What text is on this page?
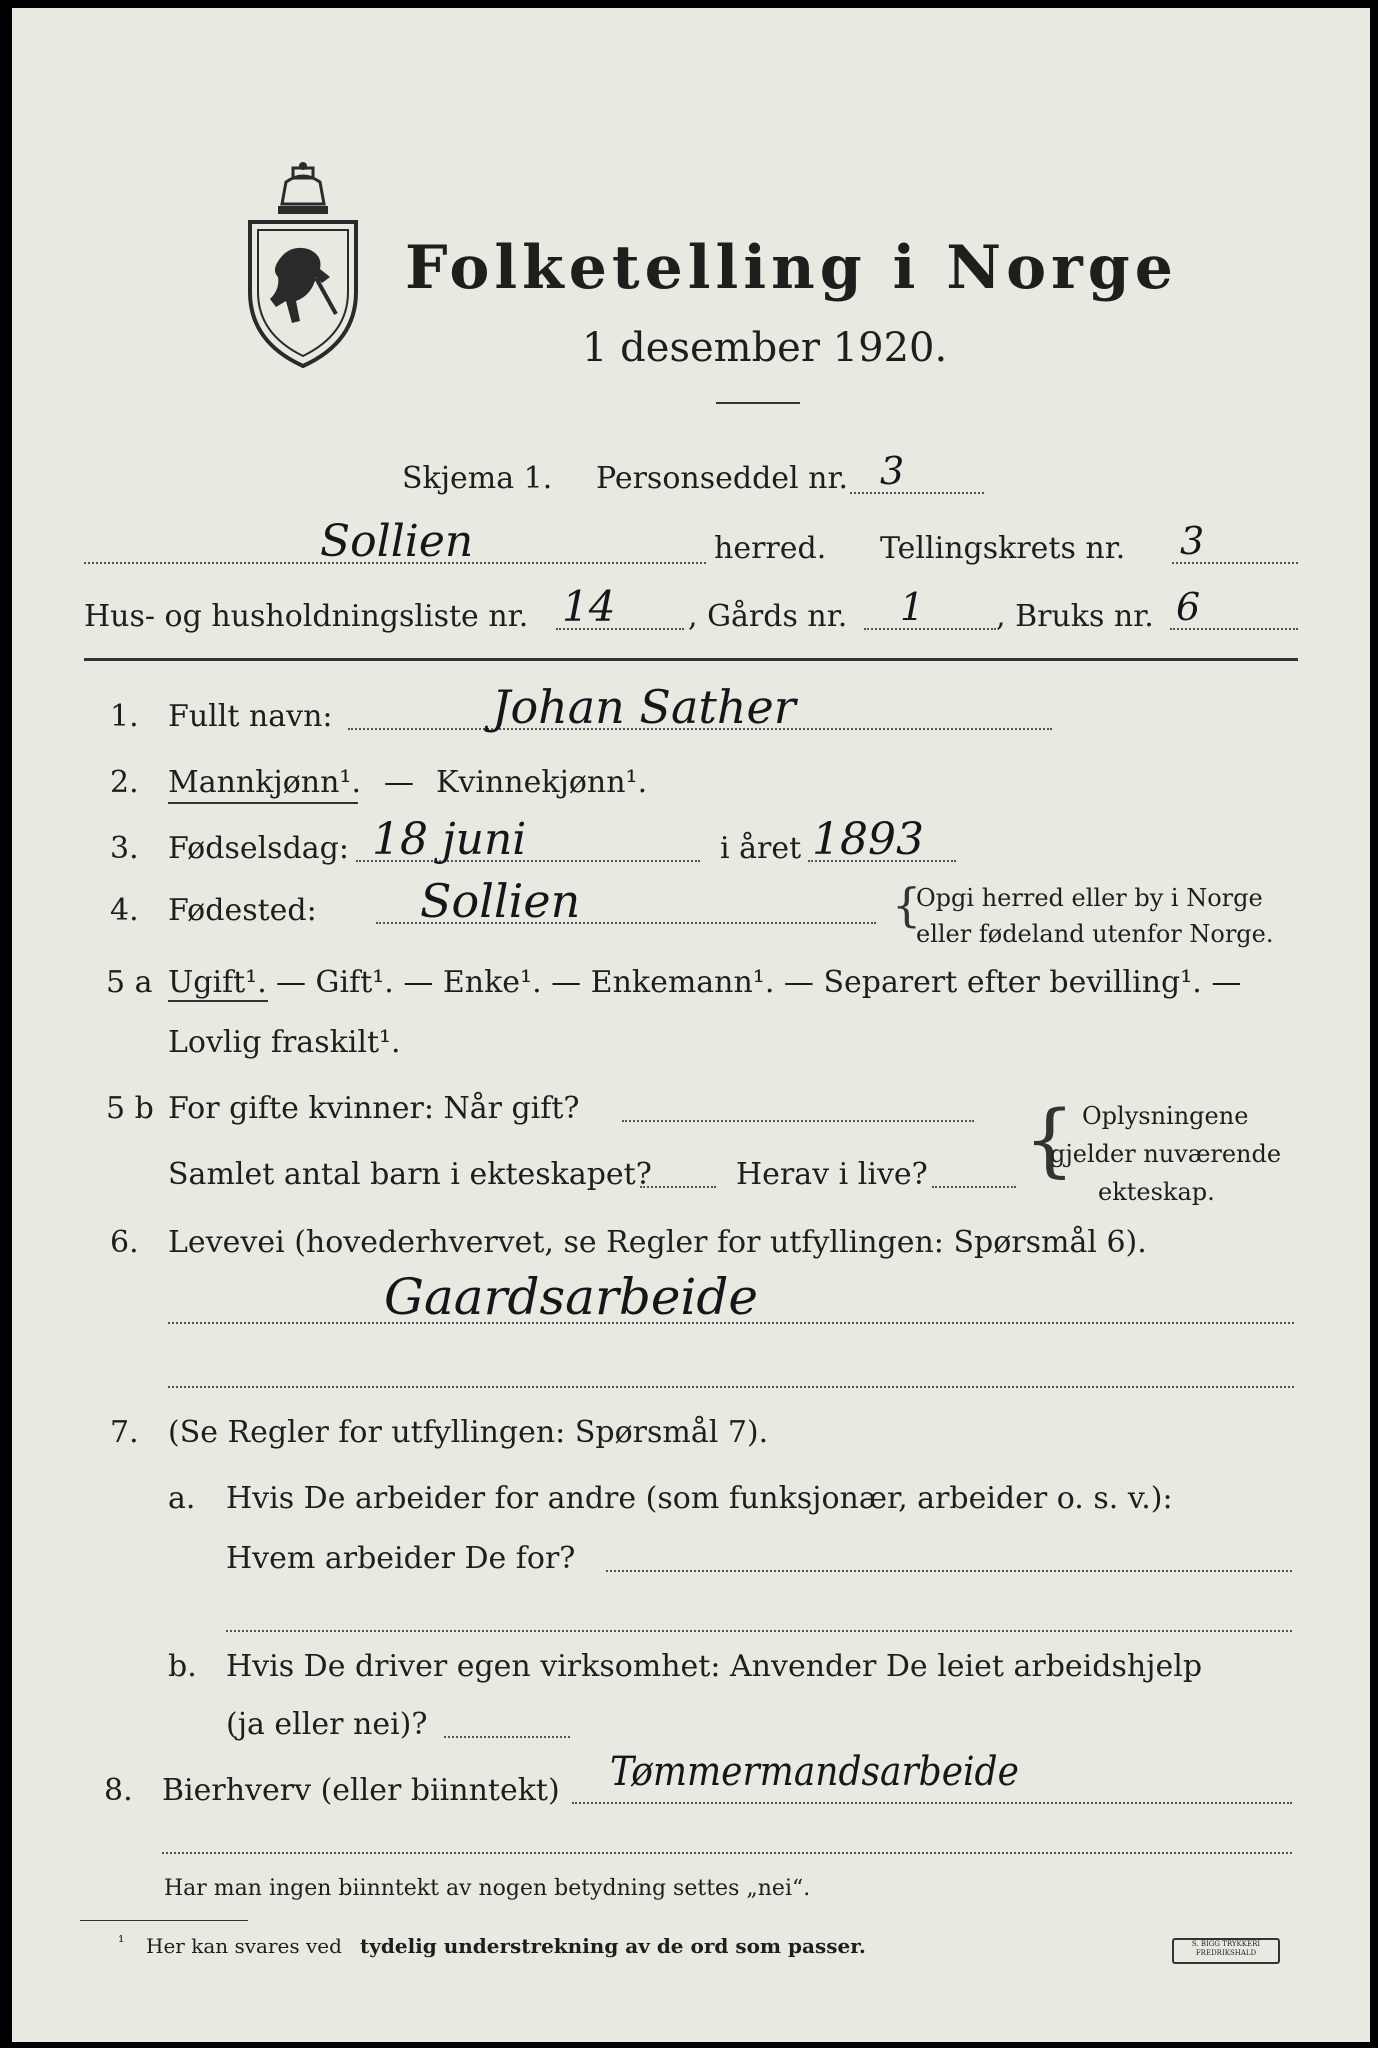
Folketelling i Norge
1 desember 1920.
Skjema 1. Personseddel nr. 3
Sollien	herred. Tellingskrets nr. 3
Hus- og husholdningsliste nr. 14 , Gårds nr. 1 , Bruks nr. 6
1. Fullt navn:	Johan Sather
2. Mannkjønn¹. — Kvinnekjønn¹.
3. Fødselsdag: 18 juni	i året 1893
4. Fødested: Sollien	{
Opgi herred eller by i Norge
eller fødeland utenfor Norge.
5 a Ugift¹. — Gift¹. — Enke¹. — Enkemann¹. — Separert efter bevilling¹. —
Lovlig fraskilt¹.
5 b For gifte kvinner: Når gift?
Samlet antal barn i ekteskapet?	Herav i live? { Oplysningene
gjelder nuværende
ekteskap.
6. Levevei (hovederhvervet, se Regler for utfyllingen: Spørsmål 6).
Gaardsarbeide
7. (Se Regler for utfyllingen: Spørsmål 7).
a. Hvis De arbeider for andre (som funksjonær, arbeider o. s. v.):
Hvem arbeider De for?
b. Hvis De driver egen virksomhet: Anvender De leiet arbeidshjelp
(ja eller nei)?
8. Bierhverv (eller biinntekt) Tømmermandsarbeide
Har man ingen biinntekt av nogen betydning settes „nei“.
¹ Her kan svares ved tydelig understrekning av de ord som passer.	S. BIGG TRYKKERI FREDRIKSHALD
